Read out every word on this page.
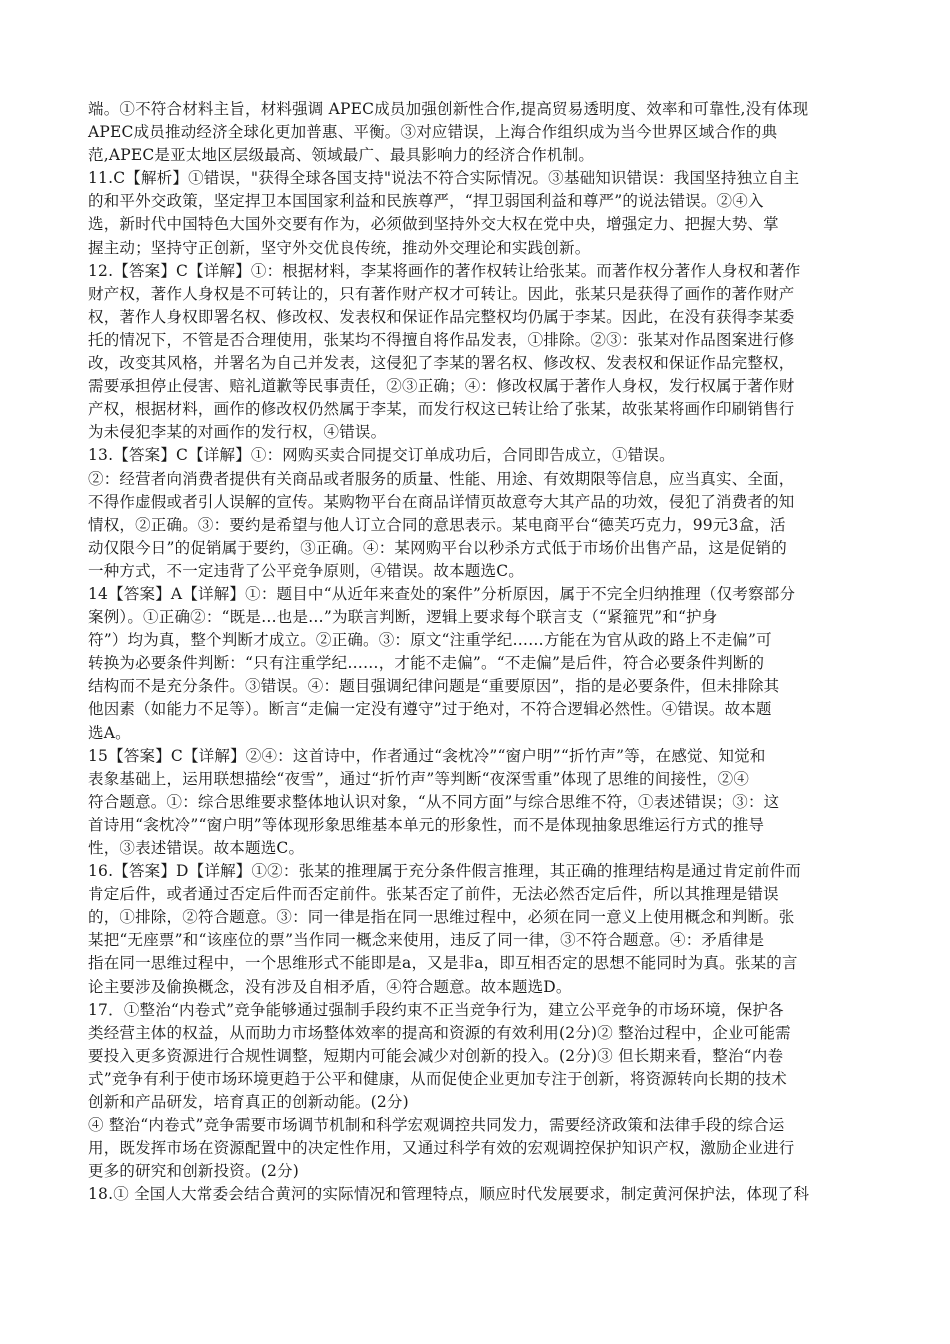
端。①不符合材料主旨，材料强调 APEC成员加强创新性合作,提高贸易透明度、效率和可靠性,没有体现
APEC成员推动经济全球化更加普惠、平衡。③对应错误，上海合作组织成为当今世界区域合作的典
范,APEC是亚太地区层级最高、领域最广、最具影响力的经济合作机制。
11.C【解析】①错误，"获得全球各国支持"说法不符合实际情况。③基础知识错误：我国坚持独立自主
的和平外交政策，坚定捍卫本国国家利益和民族尊严，“捍卫弱国利益和尊严”的说法错误。②④入
选，新时代中国特色大国外交要有作为，必须做到坚持外交大权在党中央，增强定力、把握大势、掌
握主动；坚持守正创新，坚守外交优良传统，推动外交理论和实践创新。
12.【答案】C【详解】①：根据材料，李某将画作的著作权转让给张某。而著作权分著作人身权和著作
财产权，著作人身权是不可转让的，只有著作财产权才可转让。因此，张某只是获得了画作的著作财产
权，著作人身权即署名权、修改权、发表权和保证作品完整权均仍属于李某。因此，在没有获得李某委
托的情况下，不管是否合理使用，张某均不得擅自将作品发表，①排除。②③：张某对作品图案进行修
改，改变其风格，并署名为自己并发表，这侵犯了李某的署名权、修改权、发表权和保证作品完整权，
需要承担停止侵害、赔礼道歉等民事责任，②③正确；④：修改权属于著作人身权，发行权属于著作财
产权，根据材料，画作的修改权仍然属于李某，而发行权这已转让给了张某，故张某将画作印刷销售行
为未侵犯李某的对画作的发行权，④错误。
13.【答案】C【详解】①：网购买卖合同提交订单成功后，合同即告成立，①错误。
②：经营者向消费者提供有关商品或者服务的质量、性能、用途、有效期限等信息，应当真实、全面，
不得作虚假或者引人误解的宣传。某购物平台在商品详情页故意夸大其产品的功效，侵犯了消费者的知
情权，②正确。③：要约是希望与他人订立合同的意思表示。某电商平台“德芙巧克力，99元3盒，活
动仅限今日”的促销属于要约，③正确。④：某网购平台以秒杀方式低于市场价出售产品，这是促销的
一种方式，不一定违背了公平竞争原则，④错误。故本题选C。
14【答案】A【详解】①：题目中“从近年来查处的案件”分析原因，属于不完全归纳推理（仅考察部分
案例）。①正确②：“既是…也是…”为联言判断，逻辑上要求每个联言支（“紧箍咒”和“护身
符”）均为真，整个判断才成立。②正确。③：原文“注重学纪……方能在为官从政的路上不走偏”可
转换为必要条件判断：“只有注重学纪……，才能不走偏”。“不走偏”是后件，符合必要条件判断的
结构而不是充分条件。③错误。④：题目强调纪律问题是“重要原因”，指的是必要条件，但未排除其
他因素（如能力不足等）。断言“走偏一定没有遵守”过于绝对，不符合逻辑必然性。④错误。故本题
选A。
15【答案】C【详解】②④：这首诗中，作者通过“衾枕冷”“窗户明”“折竹声”等，在感觉、知觉和
表象基础上，运用联想描绘“夜雪”，通过“折竹声”等判断“夜深雪重”体现了思维的间接性，②④
符合题意。①：综合思维要求整体地认识对象，“从不同方面”与综合思维不符，①表述错误；③：这
首诗用“衾枕冷”“窗户明”等体现形象思维基本单元的形象性，而不是体现抽象思维运行方式的推导
性，③表述错误。故本题选C。
16.【答案】D【详解】①②：张某的推理属于充分条件假言推理，其正确的推理结构是通过肯定前件而
肯定后件，或者通过否定后件而否定前件。张某否定了前件，无法必然否定后件，所以其推理是错误
的，①排除，②符合题意。③：同一律是指在同一思维过程中，必须在同一意义上使用概念和判断。张
某把“无座票”和“该座位的票”当作同一概念来使用，违反了同一律，③不符合题意。④：矛盾律是
指在同一思维过程中，一个思维形式不能即是a，又是非a，即互相否定的思想不能同时为真。张某的言
论主要涉及偷换概念，没有涉及自相矛盾，④符合题意。故本题选D。
17．①整治“内卷式”竞争能够通过强制手段约束不正当竞争行为，建立公平竞争的市场环境，保护各
类经营主体的权益，从而助力市场整体效率的提高和资源的有效利用(2分)② 整治过程中，企业可能需
要投入更多资源进行合规性调整，短期内可能会减少对创新的投入。(2分)③ 但长期来看，整治“内卷
式”竞争有利于使市场环境更趋于公平和健康，从而促使企业更加专注于创新，将资源转向长期的技术
创新和产品研发，培育真正的创新动能。(2分)
④ 整治“内卷式”竞争需要市场调节机制和科学宏观调控共同发力，需要经济政策和法律手段的综合运
用，既发挥市场在资源配置中的决定性作用，又通过科学有效的宏观调控保护知识产权，激励企业进行
更多的研究和创新投资。(2分)
18.① 全国人大常委会结合黄河的实际情况和管理特点，顺应时代发展要求，制定黄河保护法，体现了科
